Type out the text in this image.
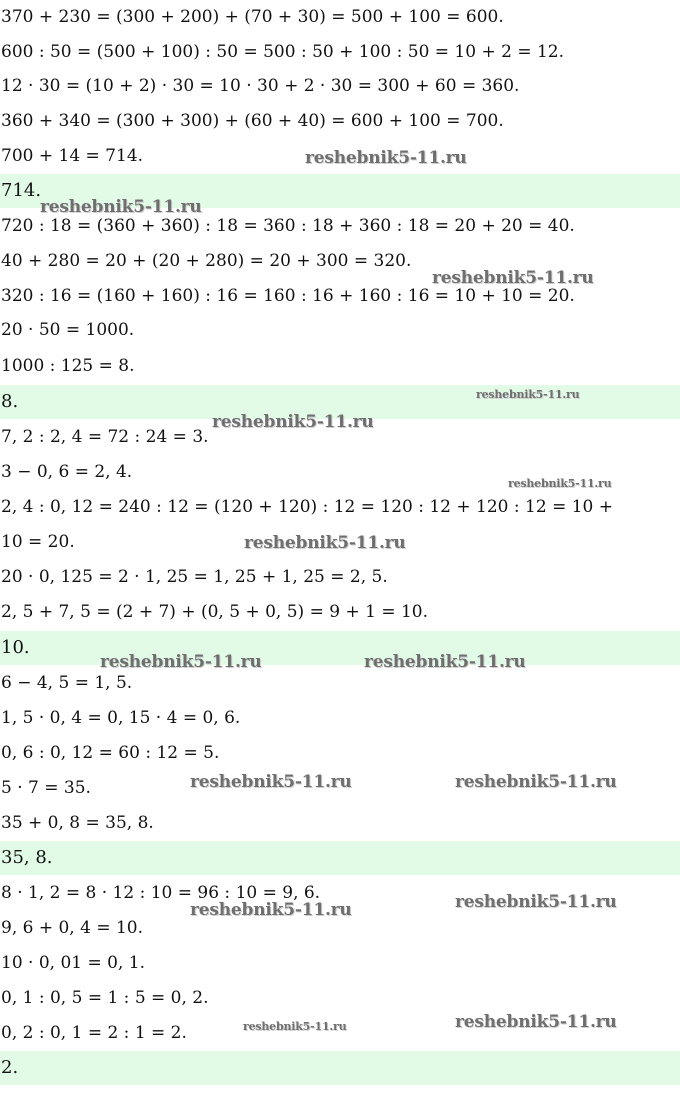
370 + 230 = (300 + 200) + (70 + 30) = 500 + 100 = 600.
600 : 50 = (500 + 100) : 50 = 500 : 50 + 100 : 50 = 10 + 2 = 12.
12 · 30 = (10 + 2) · 30 = 10 · 30 + 2 · 30 = 300 + 60 = 360.
360 + 340 = (300 + 300) + (60 + 40) = 600 + 100 = 700.
700 + 14 = 714.
714.
720 : 18 = (360 + 360) : 18 = 360 : 18 + 360 : 18 = 20 + 20 = 40.
40 + 280 = 20 + (20 + 280) = 20 + 300 = 320.
320 : 16 = (160 + 160) : 16 = 160 : 16 + 160 : 16 = 10 + 10 = 20.
20 · 50 = 1000.
1000 : 125 = 8.
8.
7, 2 : 2, 4 = 72 : 24 = 3.
3 − 0, 6 = 2, 4.
2, 4 : 0, 12 = 240 : 12 = (120 + 120) : 12 = 120 : 12 + 120 : 12 = 10 +
10 = 20.
20 · 0, 125 = 2 · 1, 25 = 1, 25 + 1, 25 = 2, 5.
2, 5 + 7, 5 = (2 + 7) + (0, 5 + 0, 5) = 9 + 1 = 10.
10.
6 − 4, 5 = 1, 5.
1, 5 · 0, 4 = 0, 15 · 4 = 0, 6.
0, 6 : 0, 12 = 60 : 12 = 5.
5 · 7 = 35.
35 + 0, 8 = 35, 8.
35, 8.
8 · 1, 2 = 8 · 12 : 10 = 96 : 10 = 9, 6.
9, 6 + 0, 4 = 10.
10 · 0, 01 = 0, 1.
0, 1 : 0, 5 = 1 : 5 = 0, 2.
0, 2 : 0, 1 = 2 : 1 = 2.
2.
reshebnik5-11.ru
reshebnik5-11.ru
reshebnik5-11.ru
reshebnik5-11.ru
reshebnik5-11.ru
reshebnik5-11.ru
reshebnik5-11.ru
reshebnik5-11.ru	reshebnik5-11.ru
reshebnik5-11.ru	reshebnik5-11.ru
reshebnik5-11.ru
reshebnik5-11.ru
reshebnik5-11.ru	reshebnik5-11.ru
